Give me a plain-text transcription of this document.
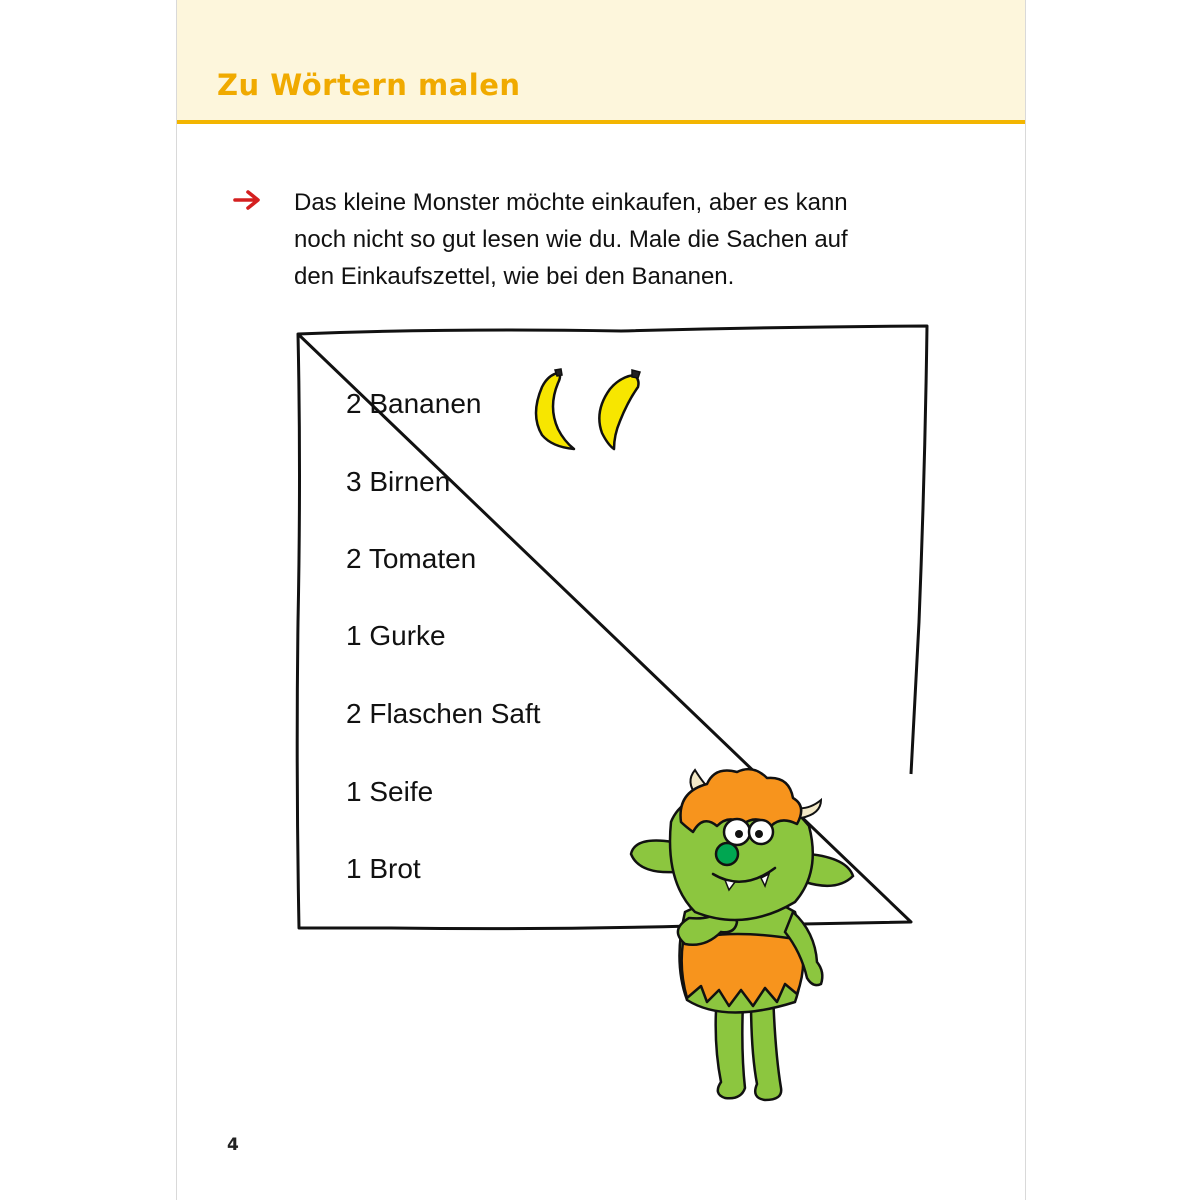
Zu Wörtern malen
Das kleine Monster möchte einkaufen, aber es kann
noch nicht so gut lesen wie du. Male die Sachen auf
den Einkaufszettel, wie bei den Bananen.
2 Bananen
3 Birnen
2 Tomaten
1 Gurke
2 Flaschen Saft
1 Seife
1 Brot
4
